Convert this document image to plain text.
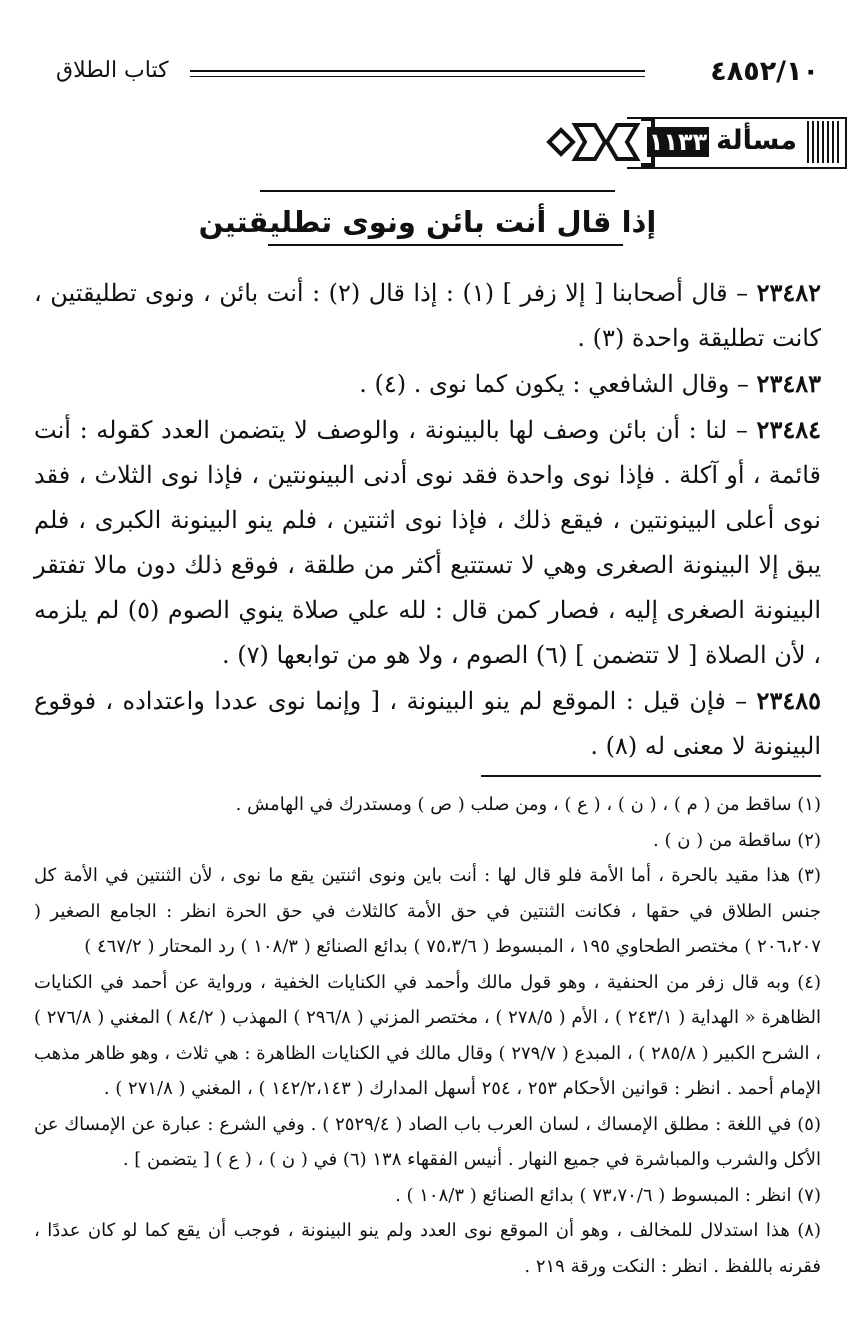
٤٨٥٢/١٠
كتاب الطلاق
مسألة
١١٣٣
إذا قال أنت بائن ونوى تطليقتين

٢٣٤٨٢ – قال أصحابنا [ إلا زفر ] (١) : إذا قال (٢) : أنت بائن ، ونوى تطليقتين ، كانت تطليقة واحدة (٣) .

٢٣٤٨٣ – وقال الشافعي : يكون كما نوى . (٤) .

٢٣٤٨٤ – لنا : أن بائن وصف لها بالبينونة ، والوصف لا يتضمن العدد كقوله : أنت قائمة ، أو آكلة . فإذا نوى واحدة فقد نوى أدنى البينونتين ، فإذا نوى الثلاث ، فقد نوى أعلى البينونتين ، فيقع ذلك ، فإذا نوى اثنتين ، فلم ينو البينونة الكبرى ، فلم يبق إلا البينونة الصغرى وهي لا تستتبع أكثر من طلقة ، فوقع ذلك دون مالا تفتقر البينونة الصغرى إليه ، فصار كمن قال : لله علي صلاة ينوي الصوم (٥) لم يلزمه ، لأن الصلاة [ لا تتضمن ] (٦) الصوم ، ولا هو من توابعها (٧) .

٢٣٤٨٥ – فإن قيل : الموقع لم ينو البينونة ، [ وإنما نوى عددا واعتداده ، فوقوع البينونة لا معنى له (٨) .

(١) ساقط من ( م ) ، ( ن ) ، ( ع ) ، ومن صلب ( ص ) ومستدرك في الهامش .

(٢) ساقطة من ( ن ) .

(٣) هذا مقيد بالحرة ، أما الأمة فلو قال لها : أنت باين ونوى اثنتين يقع ما نوى ، لأن الثنتين في الأمة كل جنس الطلاق في حقها ، فكانت الثنتين في حق الأمة كالثلاث في حق الحرة انظر : الجامع الصغير ( ٢٠٦،٢٠٧ ) مختصر الطحاوي ١٩٥ ، المبسوط ( ٧٥،٣/٦ ) بدائع الصنائع ( ١٠٨/٣ ) رد المحتار ( ٤٦٧/٢ )

(٤) وبه قال زفر من الحنفية ، وهو قول مالك وأحمد في الكنايات الخفية ، ورواية عن أحمد في الكنايات الظاهرة « الهداية ( ٢٤٣/١ ) ، الأم ( ٢٧٨/٥ ) ، مختصر المزني ( ٢٩٦/٨ ) المهذب ( ٨٤/٢ ) المغني ( ٢٧٦/٨ ) ، الشرح الكبير ( ٢٨٥/٨ ) ، المبدع ( ٢٧٩/٧ ) وقال مالك في الكنايات الظاهرة : هي ثلاث ، وهو ظاهر مذهب الإمام أحمد . انظر : قوانين الأحكام ٢٥٣ ، ٢٥٤ أسهل المدارك ( ١٤٢/٢،١٤٣ ) ، المغني ( ٢٧١/٨ ) .

(٥) في اللغة : مطلق الإمساك ، لسان العرب باب الصاد ( ٢٥٢٩/٤ ) . وفي الشرع : عبارة عن الإمساك عن الأكل والشرب والمباشرة في جميع النهار . أنيس الفقهاء ١٣٨ (٦) في ( ن ) ، ( ع ) [ يتضمن ] .

(٧) انظر : المبسوط ( ٧٣،٧٠/٦ ) بدائع الصنائع ( ١٠٨/٣ ) .

(٨) هذا استدلال للمخالف ، وهو أن الموقع نوى العدد ولم ينو البينونة ، فوجب أن يقع كما لو كان عددًا ، فقرنه باللفظ . انظر : النكت ورقة ٢١٩ .
